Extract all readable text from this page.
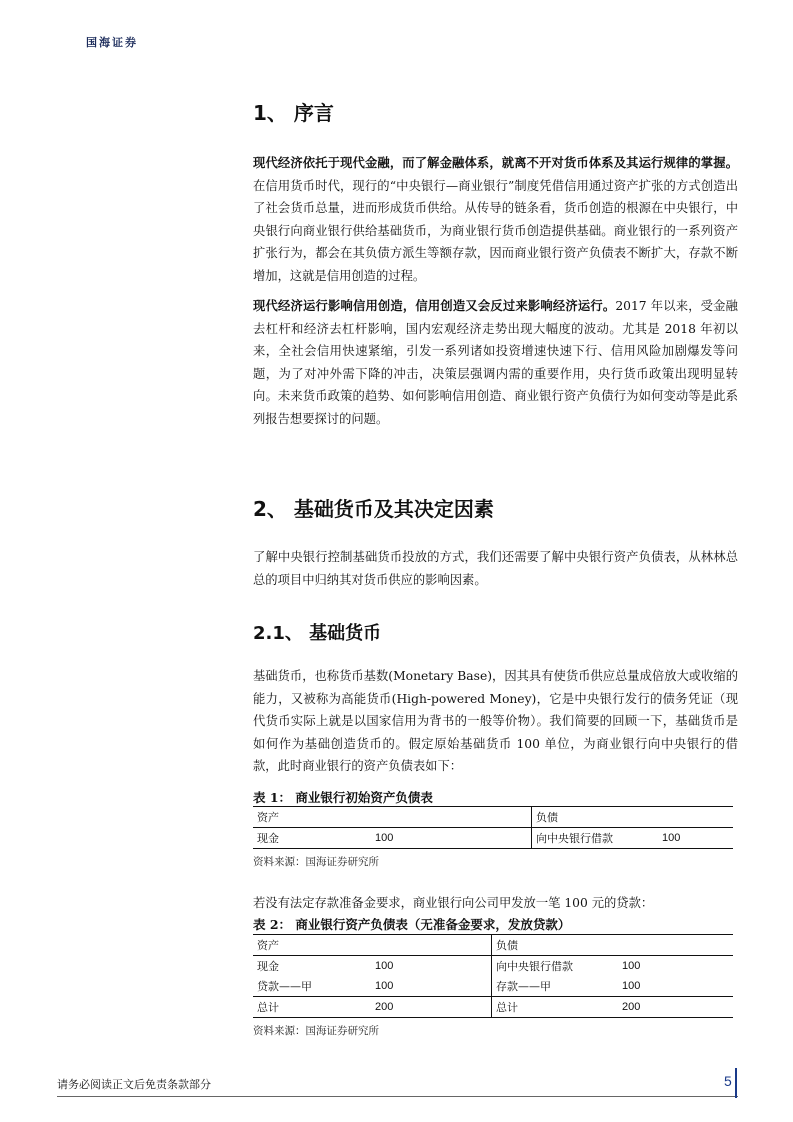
国海证券
1、 序言
现代经济依托于现代金融，而了解金融体系，就离不开对货币体系及其运行规律的掌握。在信用货币时代，现行的“中央银行—商业银行”制度凭借信用通过资产扩张的方式创造出了社会货币总量，进而形成货币供给。从传导的链条看，货币创造的根源在中央银行，中央银行向商业银行供给基础货币，为商业银行货币创造提供基础。商业银行的一系列资产扩张行为，都会在其负债方派生等额存款，因而商业银行资产负债表不断扩大，存款不断增加，这就是信用创造的过程。
现代经济运行影响信用创造，信用创造又会反过来影响经济运行。2017 年以来，受金融去杠杆和经济去杠杆影响，国内宏观经济走势出现大幅度的波动。尤其是 2018 年初以来，全社会信用快速紧缩，引发一系列诸如投资增速快速下行、信用风险加剧爆发等问题，为了对冲外需下降的冲击，决策层强调内需的重要作用，央行货币政策出现明显转向。未来货币政策的趋势、如何影响信用创造、商业银行资产负债行为如何变动等是此系列报告想要探讨的问题。
2、 基础货币及其决定因素
了解中央银行控制基础货币投放的方式，我们还需要了解中央银行资产负债表，从林林总总的项目中归纳其对货币供应的影响因素。
2.1、 基础货币
基础货币，也称货币基数(Monetary Base)，因其具有使货币供应总量成倍放大或收缩的能力，又被称为高能货币(High-powered Money)，它是中央银行发行的债务凭证（现代货币实际上就是以国家信用为背书的一般等价物）。我们简要的回顾一下，基础货币是如何作为基础创造货币的。假定原始基础货币 100 单位，为商业银行向中央银行的借款，此时商业银行的资产负债表如下：
表 1： 商业银行初始资产负债表
资产		负债	
现金	100	向中央银行借款	100
资料来源：国海证券研究所
若没有法定存款准备金要求，商业银行向公司甲发放一笔 100 元的贷款：
表 2： 商业银行资产负债表（无准备金要求，发放贷款）
资产		负债	
现金	100	向中央银行借款	100
贷款——甲	100	存款——甲	100
总计	200	总计	200
资料来源：国海证券研究所
请务必阅读正文后免责条款部分	5
